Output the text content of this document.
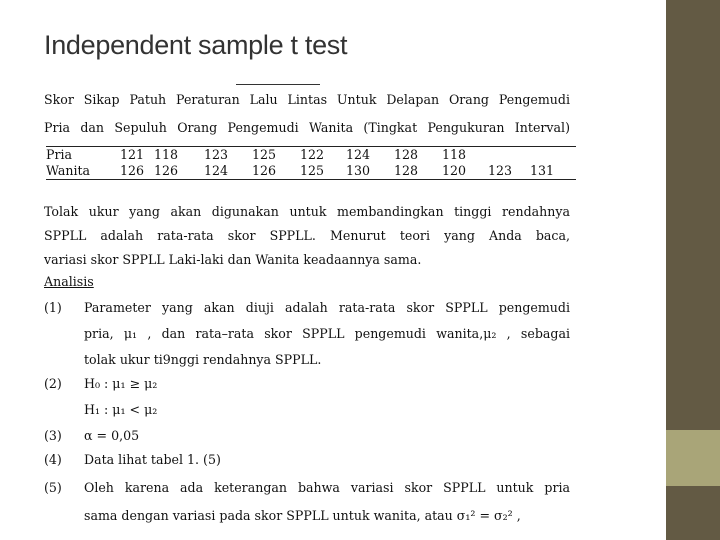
Independent sample t test
Skor Sikap Patuh Peraturan Lalu Lintas Untuk Delapan Orang Pengemudi
Pria dan Sepuluh Orang Pengemudi Wanita (Tingkat Pengukuran Interval)
Pria	121	118	123	125	122	124	128	118		
Wanita	126	126	124	126	125	130	128	120	123	131
Tolak ukur yang akan digunakan untuk membandingkan tinggi rendahnya
SPPLL adalah rata-rata skor SPPLL. Menurut teori yang Anda baca,
variasi skor SPPLL Laki-laki dan Wanita keadaannya sama.
Analisis
(1) Parameter yang akan diuji adalah rata-rata skor SPPLL pengemudi
pria, μ₁ , dan rata–rata skor SPPLL pengemudi wanita,μ₂ , sebagai
tolak ukur ti9nggi rendahnya SPPLL.
(2) H₀ : μ₁ ≥ μ₂
H₁ : μ₁ < μ₂
(3) α = 0,05
(4) Data lihat tabel 1. (5)
(5) Oleh karena ada keterangan bahwa variasi skor SPPLL untuk pria
sama dengan variasi pada skor SPPLL untuk wanita, atau σ₁² = σ₂² ,
